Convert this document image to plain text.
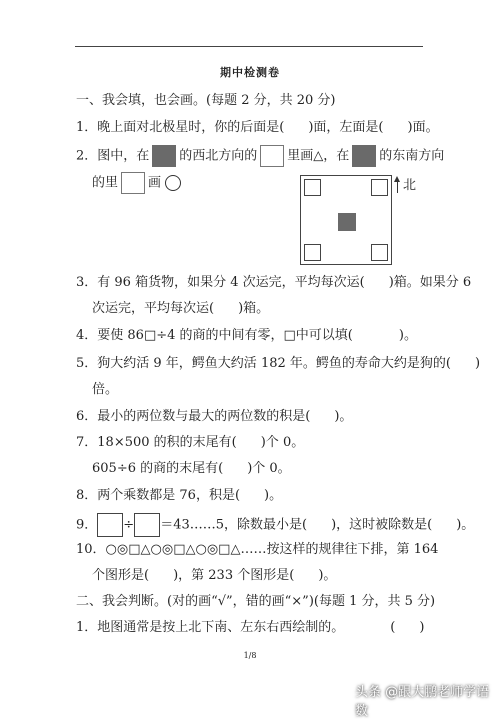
期中检测卷
一、我会填，也会画。(每题 2 分，共 20 分)
1．晚上面对北极星时，你的后面是( )面，左面是( )面。
2．图中，在 的西北方向的 里画△，在 的东南方向
的里 画	北
3．有 96 箱货物，如果分 4 次运完，平均每次运( )箱。如果分 6
次运完，平均每次运( )箱。
4．要使 86□÷4 的商的中间有零，□中可以填(	)。
5．狗大约活 9 年，鳄鱼大约活 182 年。鳄鱼的寿命大约是狗的( )
倍。
6．最小的两位数与最大的两位数的积是( )。
7．18×500 的积的末尾有( )个 0。
605÷6 的商的末尾有( )个 0。
8．两个乘数都是 76，积是( )。
9． ÷ ＝43……5，除数最小是( )，这时被除数是( )。
10．○◎□△○◎□△○◎□△……按这样的规律往下排，第 164
个图形是( )，第 233 个图形是( )。
二、我会判断。(对的画“√”，错的画“×”)(每题 1 分，共 5 分)
1．地图通常是按上北下南、左东右西绘制的。	( )
1/8
头条 @跟大鹏老师学语数
